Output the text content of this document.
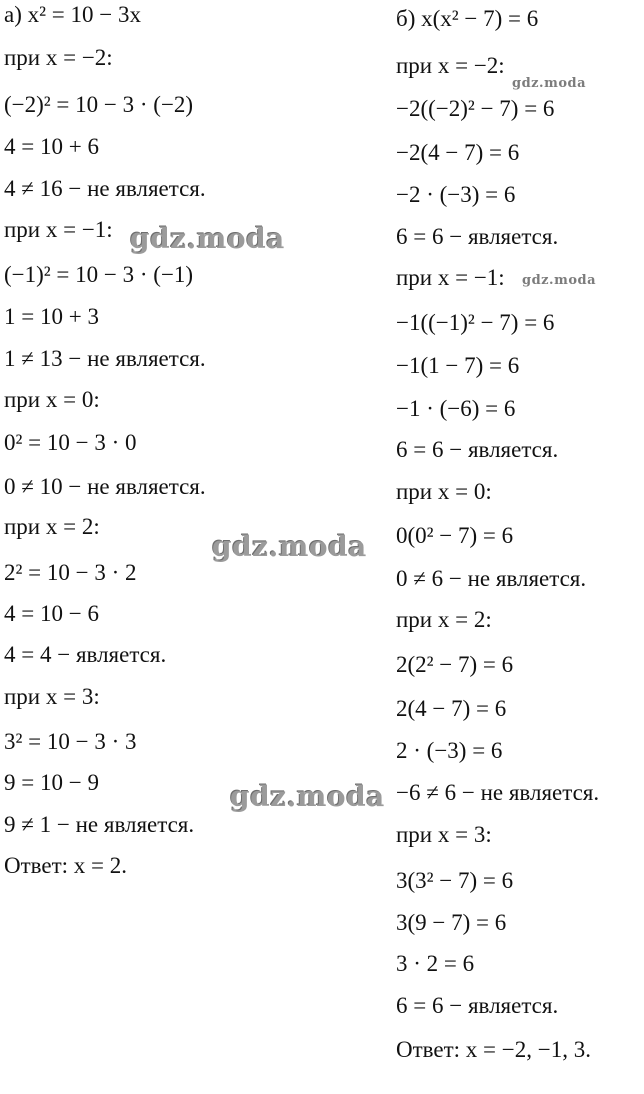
а) x² = 10 − 3x
при x = −2:
(−2)² = 10 − 3 · (−2)
4 = 10 + 6
4 ≠ 16 − не является.
при x = −1:
(−1)² = 10 − 3 · (−1)
1 = 10 + 3
1 ≠ 13 − не является.
при x = 0:
0² = 10 − 3 · 0
0 ≠ 10 − не является.
при x = 2:
2² = 10 − 3 · 2
4 = 10 − 6
4 = 4 − является.
при x = 3:
3² = 10 − 3 · 3
9 = 10 − 9
9 ≠ 1 − не является.
Ответ: x = 2.
б) x(x² − 7) = 6
при x = −2:
−2((−2)² − 7) = 6
−2(4 − 7) = 6
−2 · (−3) = 6
6 = 6 − является.
при x = −1:
−1((−1)² − 7) = 6
−1(1 − 7) = 6
−1 · (−6) = 6
6 = 6 − является.
при x = 0:
0(0² − 7) = 6
0 ≠ 6 − не является.
при x = 2:
2(2² − 7) = 6
2(4 − 7) = 6
2 · (−3) = 6
−6 ≠ 6 − не является.
при x = 3:
3(3² − 7) = 6
3(9 − 7) = 6
3 · 2 = 6
6 = 6 − является.
Ответ: x = −2, −1, 3.
gdz.moda
gdz.moda
gdz.moda
gdz.moda
gdz.moda
